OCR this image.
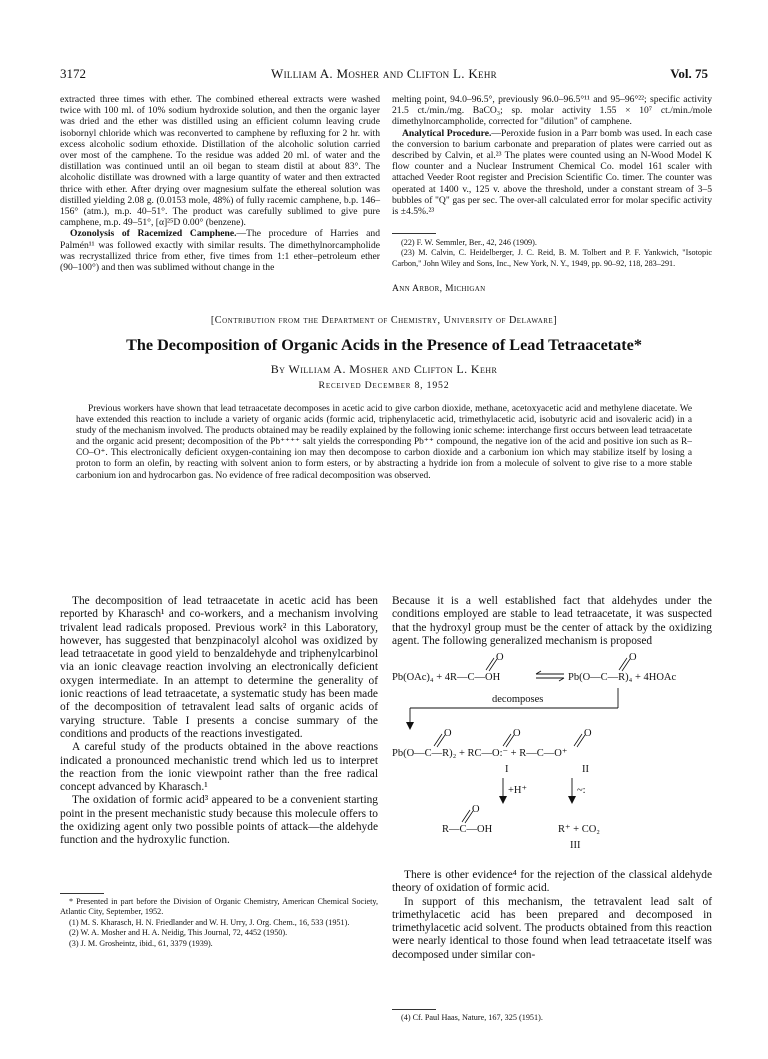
3172	William A. Mosher and Clifton L. Kehr	Vol. 75

extracted three times with ether. The combined ethereal extracts were washed twice with 100 ml. of 10% sodium hydroxide solution, and then the organic layer was dried and the ether was distilled using an efficient column leaving crude isobornyl chloride which was reconverted to camphene by refluxing for 2 hr. with excess alcoholic sodium ethoxide. Distillation of the alcoholic solution carried over most of the camphene. To the residue was added 20 ml. of water and the distillation was continued until an oil began to steam distil at about 83°. The alcoholic distillate was drowned with a large quantity of water and then extracted thrice with ether. After drying over magnesium sulfate the ethereal solution was distilled yielding 2.08 g. (0.0153 mole, 48%) of fully racemic camphene, b.p. 146–156° (atm.), m.p. 40–51°. The product was carefully sublimed to give pure camphene, m.p. 49–51°, [α]²⁵D 0.00° (benzene).

Ozonolysis of Racemized Camphene.—The procedure of Harries and Palmén¹¹ was followed exactly with similar results. The dimethylnorcampholide was recrystallized thrice from ether, five times from 1:1 ether–petroleum ether (90–100°) and then was sublimed without change in the

melting point, 94.0–96.5°, previously 96.0–96.5°¹¹ and 95–96°²²; specific activity 21.5 ct./min./mg. BaCO₃; sp. molar activity 1.55 × 10⁷ ct./min./mole dimethylnorcampholide, corrected for "dilution" of camphene.

Analytical Procedure.—Peroxide fusion in a Parr bomb was used. In each case the conversion to barium carbonate and preparation of plates were carried out as described by Calvin, et al.²³ The plates were counted using an N-Wood Model K flow counter and a Nuclear Instrument Chemical Co. model 161 scaler with attached Veeder Root register and Precision Scientific Co. timer. The counter was operated at 1400 v., 125 v. above the threshold, under a constant stream of 3–5 bubbles of "Q" gas per sec. The over-all calculated error for molar specific activity is ±4.5%.²³

(22) F. W. Semmler, Ber., 42, 246 (1909).

(23) M. Calvin, C. Heidelberger, J. C. Reid, B. M. Tolbert and P. F. Yankwich, "Isotopic Carbon," John Wiley and Sons, Inc., New York, N. Y., 1949, pp. 90–92, 118, 283–291.

Ann Arbor, Michigan
[Contribution from the Department of Chemistry, University of Delaware]
The Decomposition of Organic Acids in the Presence of Lead Tetraacetate*
By William A. Mosher and Clifton L. Kehr
Received December 8, 1952

Previous workers have shown that lead tetraacetate decomposes in acetic acid to give carbon dioxide, methane, acetoxyacetic acid and methylene diacetate. We have extended this reaction to include a variety of organic acids (formic acid, triphenylacetic acid, trimethylacetic acid, isobutyric acid and isovaleric acid) in a study of the mechanism involved. The products obtained may be readily explained by the following ionic scheme: interchange first occurs between lead tetraacetate and the organic acid present; decomposition of the Pb⁺⁺⁺⁺ salt yields the corresponding Pb⁺⁺ compound, the negative ion of the acid and positive ion such as R–CO–O⁺. This electronically deficient oxygen-containing ion may then decompose to carbon dioxide and a carbonium ion which may stabilize itself by losing a proton to form an olefin, by reacting with solvent anion to form esters, or by abstracting a hydride ion from a molecule of solvent to give rise to a more stable carbonium ion and hydrocarbon gas. No evidence of free radical decomposition was observed.

The decomposition of lead tetraacetate in acetic acid has been reported by Kharasch¹ and co-workers, and a mechanism involving trivalent lead radicals proposed. Previous work² in this Laboratory, however, has suggested that benzpinacolyl alcohol was oxidized by lead tetraacetate in good yield to benzaldehyde and triphenylcarbinol via an ionic cleavage reaction involving an electronically deficient oxygen intermediate. In an attempt to determine the generality of ionic reactions of lead tetraacetate, a systematic study has been made of the decomposition of tetravalent lead salts of organic acids of varying structure. Table I presents a concise summary of the conditions and products of the reactions investigated.

A careful study of the products obtained in the above reactions indicated a pronounced mechanistic trend which led us to interpret the reaction from the ionic viewpoint rather than the free radical concept advanced by Kharasch.¹

The oxidation of formic acid³ appeared to be a convenient starting point in the present mechanistic study because this molecule offers to the oxidizing agent only two possible points of attack—the aldehyde function and the hydroxylic function.

* Presented in part before the Division of Organic Chemistry, American Chemical Society, Atlantic City, September, 1952.

(1) M. S. Kharasch, H. N. Friedlander and W. H. Urry, J. Org. Chem., 16, 533 (1951).

(2) W. A. Mosher and H. A. Neidig, This Journal, 72, 4452 (1950).

(3) J. M. Grosheintz, ibid., 61, 3379 (1939).

Because it is a well established fact that aldehydes under the conditions employed are stable to lead tetraacetate, it was suspected that the hydroxyl group must be the center of attack by the oxidizing agent. The following generalized mechanism is proposed

Pb(OAc)₄ + 4R—C—OH
O
Pb(O—C—R)₄ + 4HOAc
O
decomposes
Pb(O—C—R)₂ + RC—O:⁻ + R—C—O⁺
O	O	O
I	II
+H⁺	~:
R—C—OH
O
R⁺ + CO₂
III

There is other evidence⁴ for the rejection of the classical aldehyde theory of oxidation of formic acid.

In support of this mechanism, the tetravalent lead salt of trimethylacetic acid has been prepared and decomposed in trimethylacetic acid solvent. The products obtained from this reaction were nearly identical to those found when lead tetraacetate itself was decomposed under similar con-

(4) Cf. Paul Haas, Nature, 167, 325 (1951).
